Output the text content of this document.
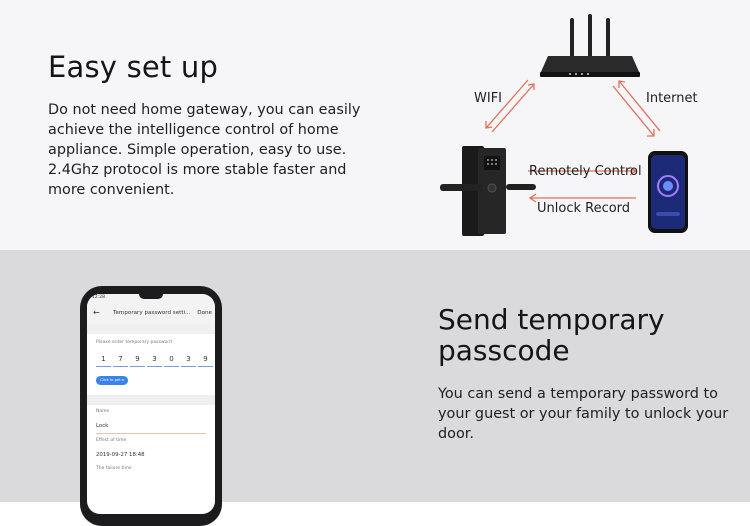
Easy set up
Do not need home gateway, you can easily achieve the intelligence control of home appliance. Simple operation, easy to use. 2.4Ghz protocol is more stable faster and more convenient.
WIFI	Internet
Remotely Control
Unlock Record
12:28
← Temporary password setti... Done
Please enter temporary password
1	7	9	3	0	3	9
Click to get a ran...
Name
Lock
Effect of time
2019-09-27 18:48
The failure time
Send temporary passcode
You can send a temporary password to your guest or your family to unlock your door.
